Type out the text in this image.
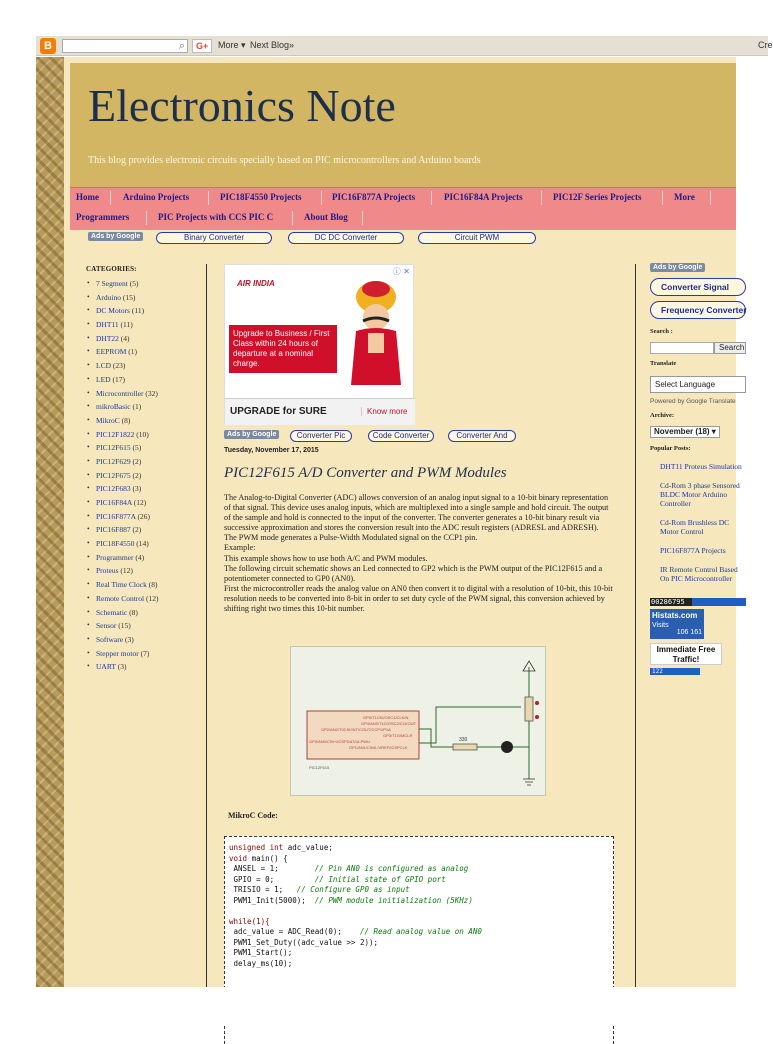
B	⌕	G+	More ▾ Next Blog»	Cre
Electronics Note
This blog provides electronic circuits specially based on PIC microcontrollers and Arduino boards
Home	Arduino Projects	PIC18F4550 Projects	PIC16F877A Projects	PIC16F84A Projects	PIC12F Series Projects	More
Programmers	PIC Projects with CCS PIC C	About Blog
Ads by Google	Binary Converter	DC DC Converter	Circuit PWM
CATEGORIES:
• 7 Segment (5)
• Arduino (15)
• DC Motors (11)
• DHT11 (11)
• DHT22 (4)
• EEPROM (1)
• LCD (23)
• LED (17)
• Microcontroller (32)
• mikroBasic (1)
• MikroC (8)
• PIC12F1822 (10)
• PIC12F615 (5)
• PIC12F629 (2)
• PIC12F675 (2)
• PIC12F683 (3)
• PIC16F84A (12)
• PIC16F877A (26)
• PIC16F887 (2)
• PIC18F4550 (14)
• Programmer (4)
• Proteus (12)
• Real Time Clock (8)
• Remote Control (12)
• Schematic (8)
• Sensor (15)
• Software (3)
• Stepper motor (7)
• UART (3)
ⓘ ✕
AIR INDIA
Upgrade to Business / First Class within 24 hours of departure at a nominal charge.
UPGRADE for SURE	Know more
Ads by Google	Converter Pic	Code Converter	Converter And
Tuesday, November 17, 2015
PIC12F615 A/D Converter and PWM Modules

The Analog-to-Digital Converter (ADC) allows conversion of an analog input signal to a 10-bit binary representation of that signal. This device uses analog inputs, which are multiplexed into a single sample and hold circuit. The output of the sample and hold is connected to the input of the converter. The converter generates a 10-bit binary result via successive approximation and stores the conversion result into the ADC result registers (ADRESL and ADRESH).

The PWM mode generates a Pulse-Width Modulated signal on the CCP1 pin.

Example:

This example shows how to use both A/C and PWM modules.

The following circuit schematic shows an Led connected to GP2 which is the PWM output of the PIC12F615 and a potentiometer connected to GP0 (AN0).

First the microcontroller reads the analog value on AN0 then convert it to digital with a resolution of 10-bit, this 10-bit resolution needs to be converted into 8-bit in order to set duty cycle of the PWM signal, this conversion achieved by shifting right two times this 10-bit number.

GP5/T1CKI/OSC1/CLKIN
GP4/AN3/T1G/OSC2/CLKOUT
GP2/AN2/T0CKI/INT/COUT/CCP1/P1A
GP3/T1G/MCLR
GP0/AN0/CIN+/ICSPDAT/ULPWU
GP1/AN1/CIN0-/VREF/ICSPCLK
PIC12F615
330
MikroC Code:
unsigned int adc_value;
void main() {
ANSEL = 1;        // Pin AN0 is configured as analog
GPIO = 0;         // Initial state of GPIO port
TRISIO = 1;   // Configure GP0 as input
PWM1_Init(5000);  // PWM module initialization (5KHz)

while(1){
adc_value = ADC_Read(0);    // Read analog value on AN0
PWM1_Set_Duty((adc_value >> 2));
PWM1_Start();
delay_ms(10);
Ads by Google
Converter Signal
Frequency Converter
Search :
Search
Translate
Select Language
Powered by Google Translate
Archive:
November (18) ▾
Popular Posts:
DHT11 Proteus Simulation
Cd-Rom 3 phase Sensored
BLDC Motor Arduino
Controller
Cd-Rom Brushless DC
Motor Control
PIC16F877A Projects
IR Remote Control Based
On PIC Microcontroller
00286795
Histats.com
Visits
106 161
Immediate Free Traffic!
122
